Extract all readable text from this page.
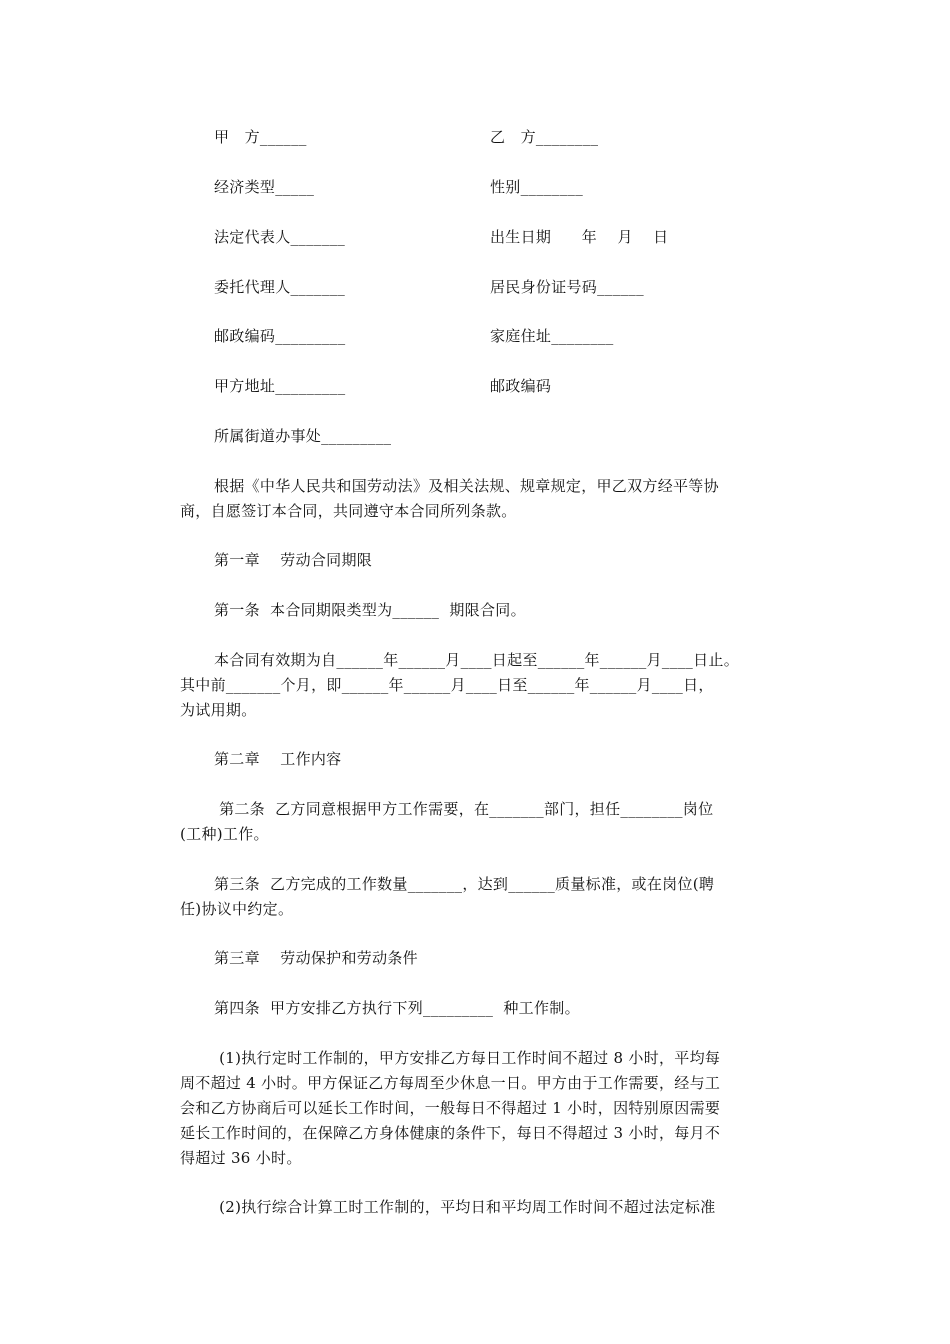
甲　方______	乙　方________
经济类型_____	性别________
法定代表人_______	出生日期　　年　 月　 日
委托代理人_______	居民身份证号码______
邮政编码_________	家庭住址________
甲方地址_________	邮政编码
所属街道办事处_________
根据《中华人民共和国劳动法》及相关法规、规章规定，甲乙双方经平等协
商，自愿签订本合同，共同遵守本合同所列条款。
第一章　 劳动合同期限
第一条  本合同期限类型为______  期限合同。
本合同有效期为自______年______月____日起至______年______月____日止。
其中前_______个月，即______年______月____日至______年______月____日，
为试用期。
第二章　 工作内容
第二条  乙方同意根据甲方工作需要，在_______部门，担任________岗位
(工种)工作。
第三条  乙方完成的工作数量_______，达到______质量标准，或在岗位(聘
任)协议中约定。
第三章　 劳动保护和劳动条件
第四条  甲方安排乙方执行下列_________  种工作制。
(1)执行定时工作制的，甲方安排乙方每日工作时间不超过 8 小时，平均每
周不超过 4 小时。甲方保证乙方每周至少休息一日。甲方由于工作需要，经与工
会和乙方协商后可以延长工作时间，一般每日不得超过 1 小时，因特别原因需要
延长工作时间的，在保障乙方身体健康的条件下，每日不得超过 3 小时，每月不
得超过 36 小时。
(2)执行综合计算工时工作制的，平均日和平均周工作时间不超过法定标准
